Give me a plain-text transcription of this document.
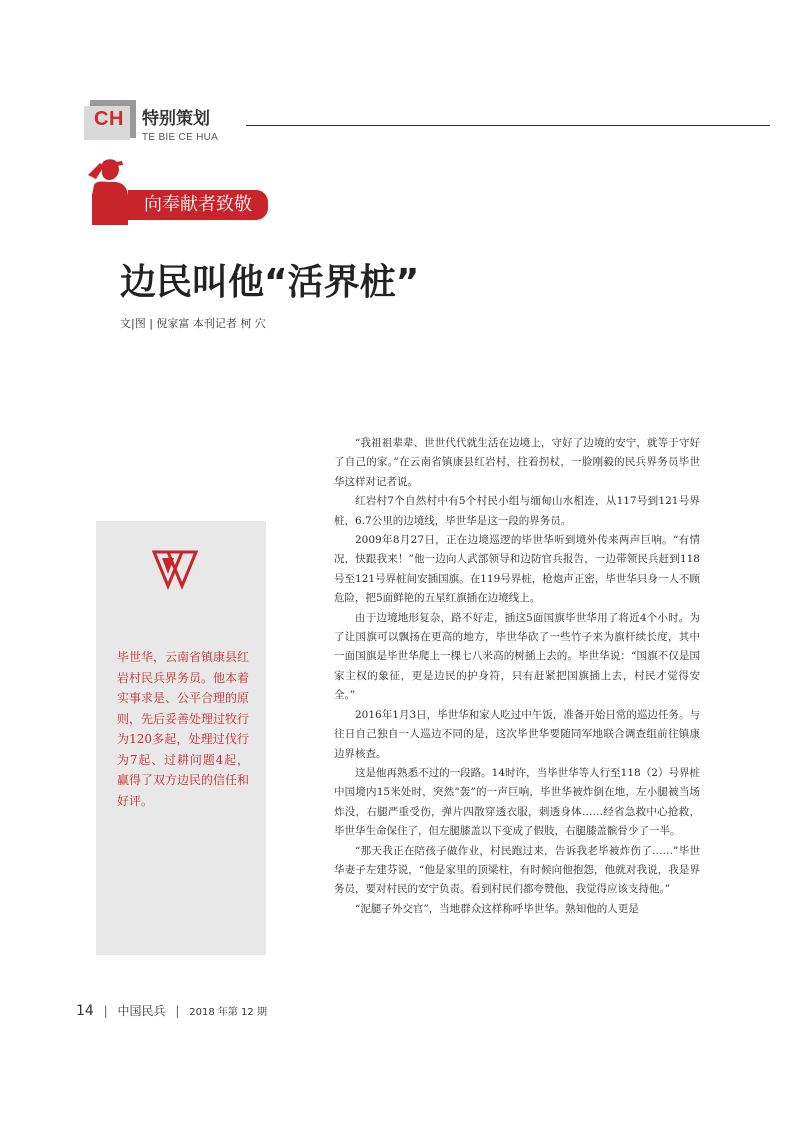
CH 特别策划
TE BIE CE HUA
向奉献者致敬
边民叫他“活界桩”
文|图 | 倪家富 本刊记者 柯 穴

毕世华，云南省镇康县红岩村民兵界务员。他本着实事求是、公平合理的原则，先后妥善处理过牧行为120多起，处理过伐行为7起、过耕问题4起，赢得了双方边民的信任和好评。

“我祖祖辈辈、世世代代就生活在边境上，守好了边境的安宁，就等于守好了自己的家。”在云南省镇康县红岩村，拄着拐杖，一脸刚毅的民兵界务员毕世华这样对记者说。

红岩村7个自然村中有5个村民小组与缅甸山水相连，从117号到121号界桩，6.7公里的边境线，毕世华是这一段的界务员。

2009年8月27日，正在边境巡逻的毕世华听到境外传来两声巨响。“有情况，快跟我来！”他一边向人武部领导和边防官兵报告，一边带领民兵赶到118号至121号界桩间安插国旗。在119号界桩，枪炮声正密，毕世华只身一人不顾危险，把5面鲜艳的五星红旗插在边境线上。

由于边境地形复杂，路不好走，插这5面国旗毕世华用了将近4个小时。为了让国旗可以飘扬在更高的地方，毕世华砍了一些竹子来为旗杆续长度，其中一面国旗是毕世华爬上一棵七八米高的树插上去的。毕世华说：“国旗不仅是国家主权的象征，更是边民的护身符，只有赶紧把国旗插上去，村民才觉得安全。”

2016年1月3日，毕世华和家人吃过中午饭，准备开始日常的巡边任务。与往日自己独自一人巡边不同的是，这次毕世华要随同军地联合调查组前往镇康边界核查。

这是他再熟悉不过的一段路。14时许，当毕世华等人行至118（2）号界桩中国境内15米处时，突然“轰”的一声巨响，毕世华被炸倒在地，左小腿被当场炸没，右腿严重受伤，弹片四散穿透衣服，刺透身体……经省急救中心抢救，毕世华生命保住了，但左腿膝盖以下变成了假肢，右腿膝盖髌骨少了一半。

“那天我正在陪孩子做作业，村民跑过来，告诉我老毕被炸伤了……”毕世华妻子左建芬说，“他是家里的顶梁柱，有时候向他抱怨，他就对我说，我是界务员，要对村民的安宁负责。看到村民们都夸赞他，我觉得应该支持他。”

“泥腿子外交官”，当地群众这样称呼毕世华。熟知他的人更是

14 | 中国民兵 | 2018 年第 12 期
